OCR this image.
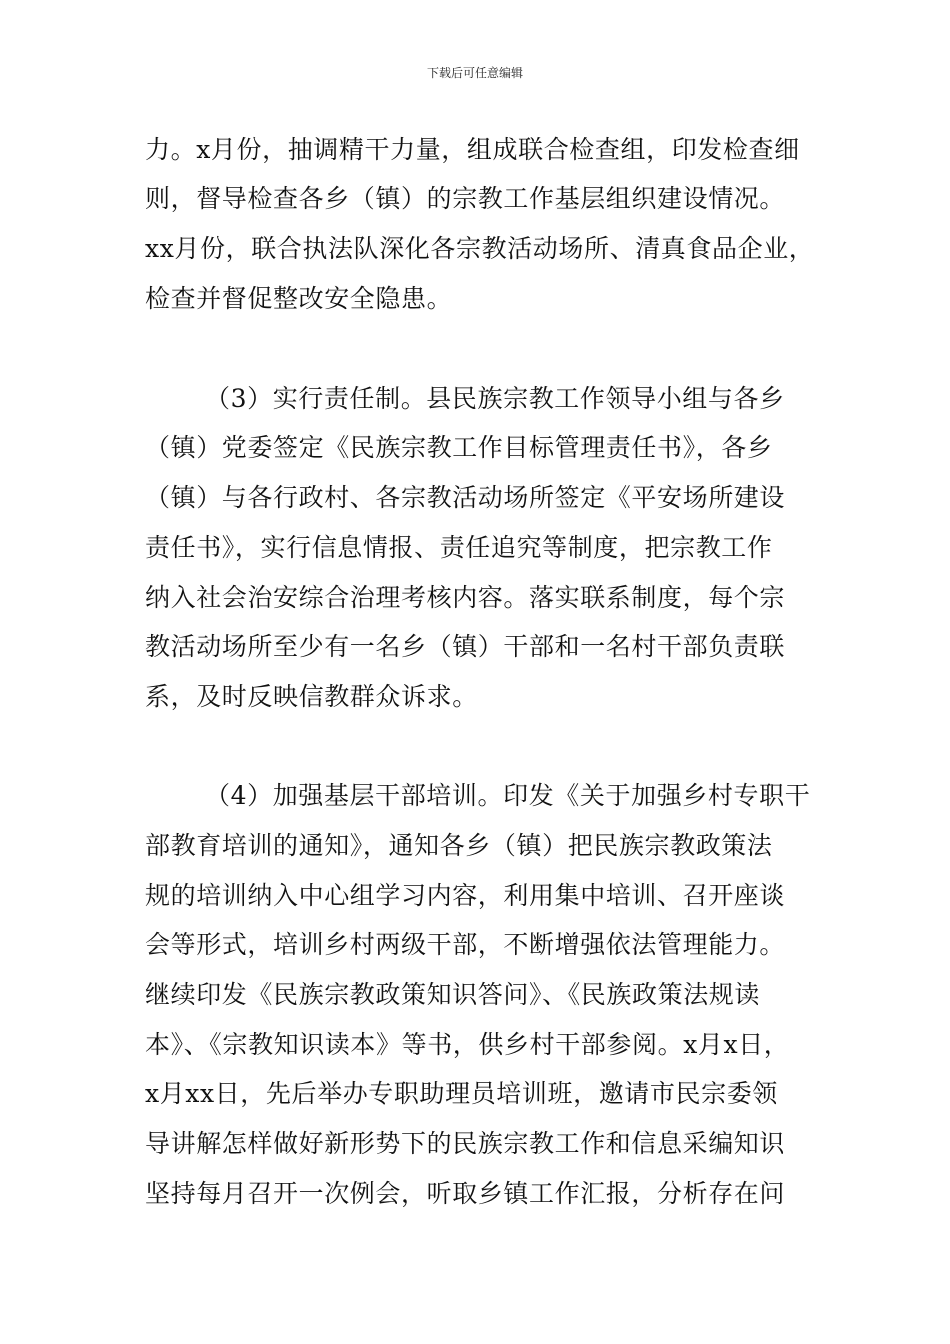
下载后可任意编辑
力。x月份，抽调精干力量，组成联合检查组，印发检查细
则，督导检查各乡（镇）的宗教工作基层组织建设情况。
xx月份，联合执法队深化各宗教活动场所、清真食品企业，
检查并督促整改安全隐患。
（3）实行责任制。县民族宗教工作领导小组与各乡
（镇）党委签定《民族宗教工作目标管理责任书》，各乡
（镇）与各行政村、各宗教活动场所签定《平安场所建设
责任书》，实行信息情报、责任追究等制度，把宗教工作
纳入社会治安综合治理考核内容。落实联系制度，每个宗
教活动场所至少有一名乡（镇）干部和一名村干部负责联
系，及时反映信教群众诉求。
（4）加强基层干部培训。印发《关于加强乡村专职干
部教育培训的通知》，通知各乡（镇）把民族宗教政策法
规的培训纳入中心组学习内容，利用集中培训、召开座谈
会等形式，培训乡村两级干部，不断增强依法管理能力。
继续印发《民族宗教政策知识答问》、《民族政策法规读
本》、《宗教知识读本》等书，供乡村干部参阅。x月x日，
x月xx日，先后举办专职助理员培训班，邀请市民宗委领
导讲解怎样做好新形势下的民族宗教工作和信息采编知识
坚持每月召开一次例会，听取乡镇工作汇报，分析存在问
